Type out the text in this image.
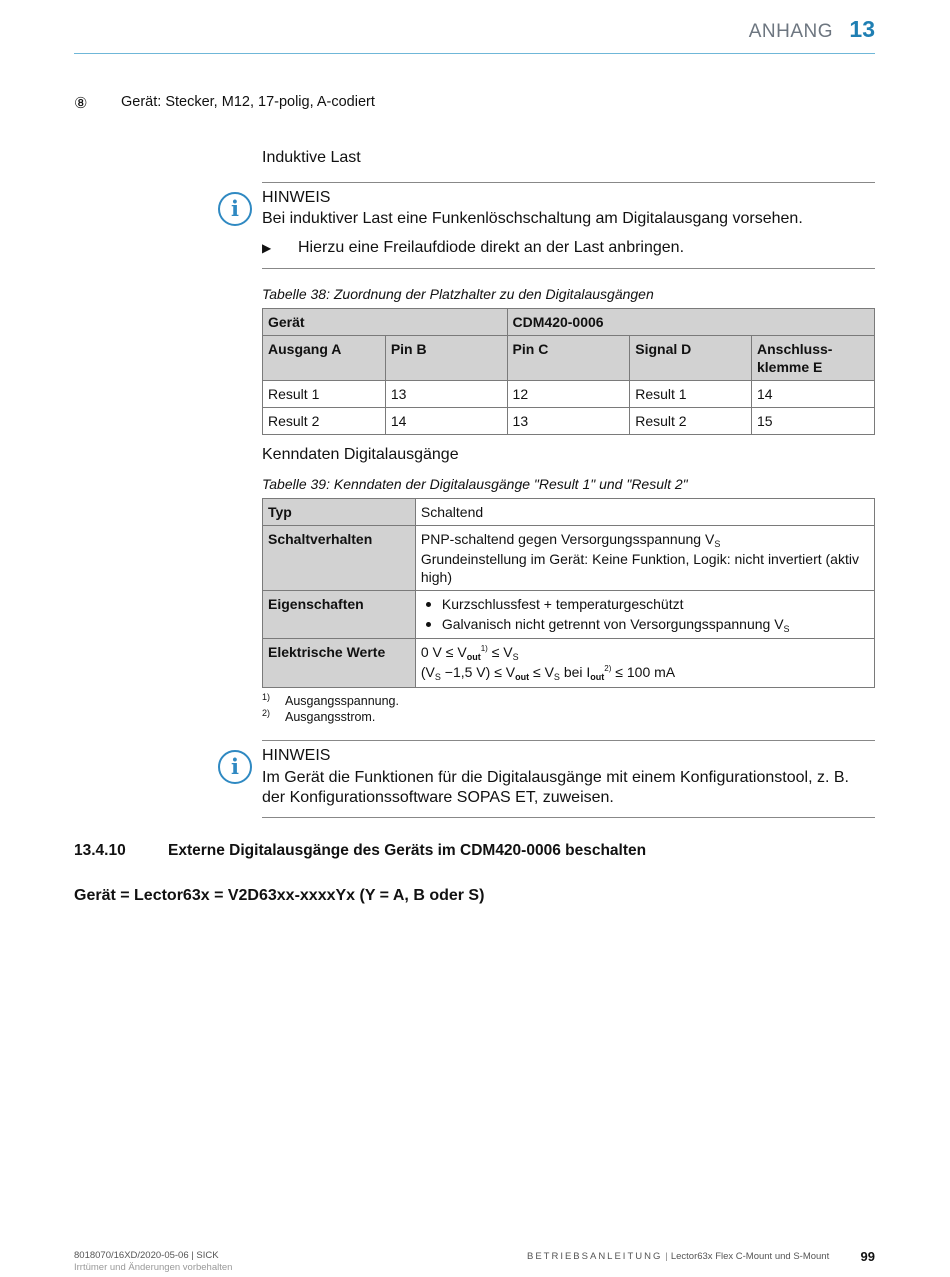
ANHANG 13
⑧ Gerät: Stecker, M12, 17-polig, A-codiert
Induktive Last
i	HINWEIS
Bei induktiver Last eine Funkenlöschschaltung am Digitalausgang vorsehen.
▶ Hierzu eine Freilaufdiode direkt an der Last anbringen.
Tabelle 38: Zuordnung der Platzhalter zu den Digitalausgängen
Gerät		CDM420-0006		
Ausgang A	Pin B	Pin C	Signal D	Anschluss-klemme E
Result 1	13	12	Result 1	14
Result 2	14	13	Result 2	15
Kenndaten Digitalausgänge
Tabelle 39: Kenndaten der Digitalausgänge "Result 1" und "Result 2"
Typ	Schaltend
Schaltverhalten	PNP-schaltend gegen Versorgungsspannung $V_S$
Grundeinstellung im Gerät: Keine Funktion, Logik: nicht invertiert (aktiv high)

Eigenschaften	Kurzschlussfest + temperaturgeschützt
Galvanisch nicht getrennt von Versorgungsspannung $V_S$

Elektrische Werte	0 $V \le V_{out}^{1)} \le V_S$
($V_S -1,5$ $V) \le V_{out} \le V_S$ bei $I_{out}^{2)} \le 100$ mA
1) Ausgangsspannung.
2) Ausgangsstrom.
i	HINWEIS
Im Gerät die Funktionen für die Digitalausgänge mit einem Konfigurationstool, z. B. der Konfigurationssoftware SOPAS ET, zuweisen.
13.4.10	Externe Digitalausgänge des Geräts im CDM420-0006 beschalten
Gerät = Lector63x = V2D63xx-xxxxYx (Y = A, B oder S)
8018070/16XD/2020-05-06 | SICK
Irrtümer und Änderungen vorbehalten
BETRIEBSANLEITUNG | Lector63x Flex C-Mount und S-Mount 99
